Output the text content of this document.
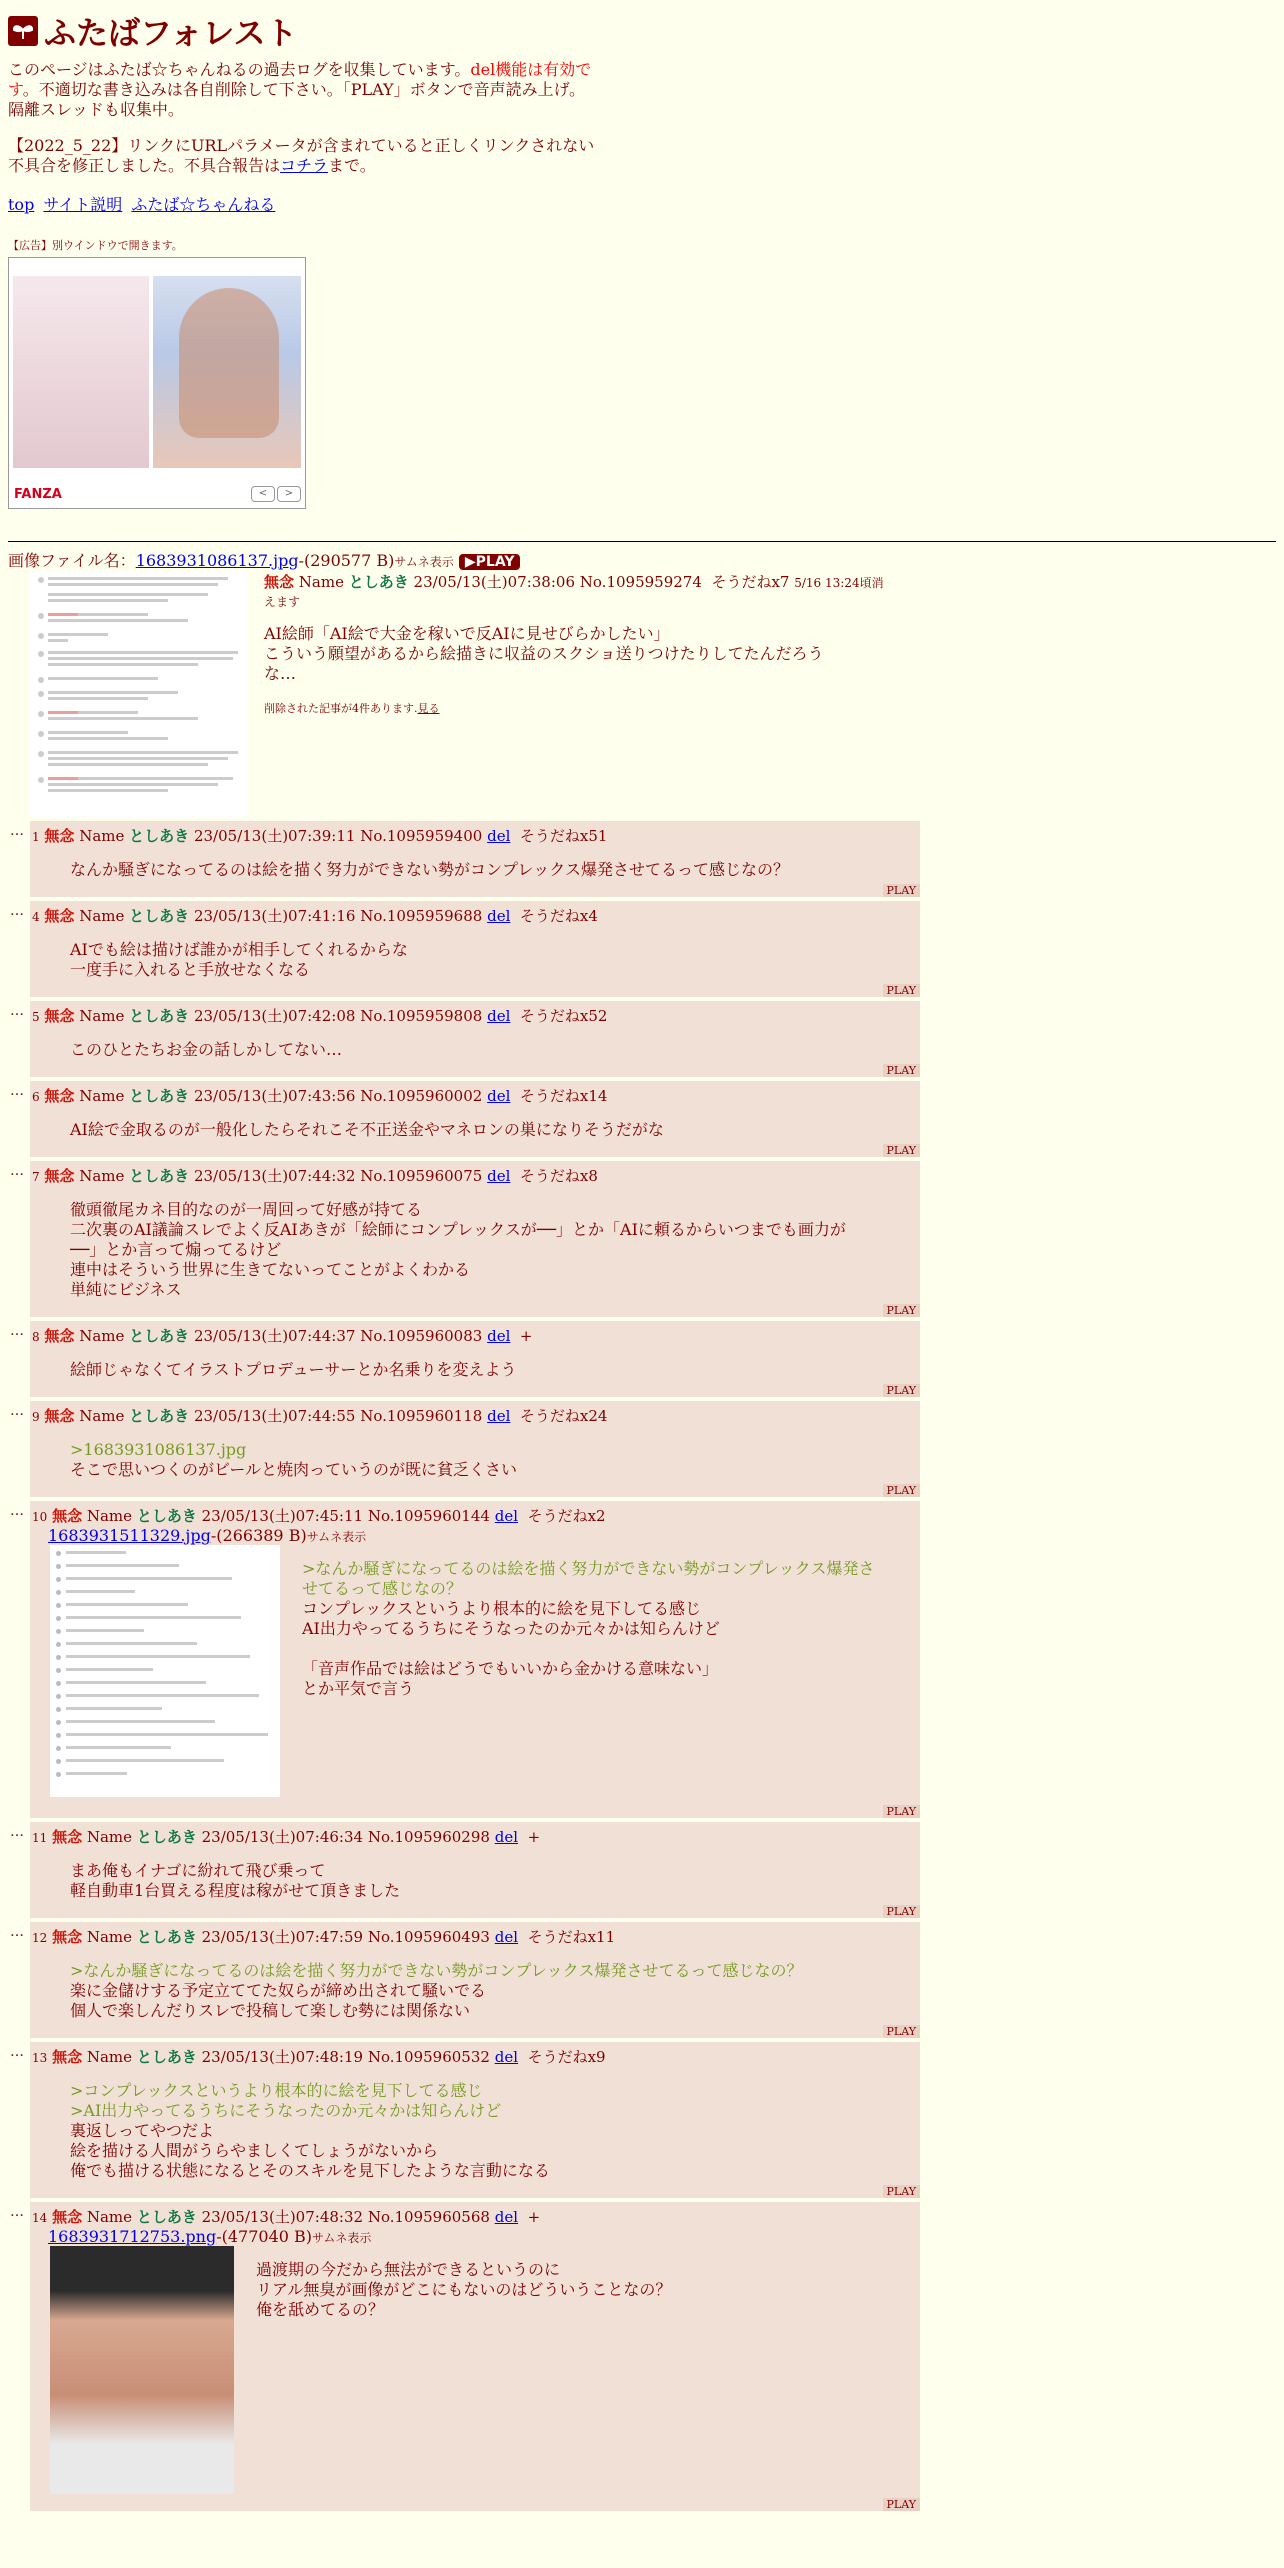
ふたばフォレスト
このページはふたば☆ちゃんねるの過去ログを収集しています。del機能は有効で
す。不適切な書き込みは各自削除して下さい。「PLAY」ボタンで音声読み上げ。
隔離スレッドも収集中。
【2022_5_22】リンクにURLパラメータが含まれていると正しくリンクされない不具合を修正しました。不具合報告はコチラまで。
top サイト説明 ふたば☆ちゃんねる
【広告】別ウインドウで開きます。
FANZA	<	>
画像ファイル名：1683931086137.jpg-(290577 B)サムネ表示 ▶PLAY
無念 Name としあき 23/05/13(土)07:38:06 No.1095959274 そうだねx7 5/16 13:24頃消えます
AI絵師「AI絵で大金を稼いで反AIに見せびらかしたい」
こういう願望があるから絵描きに収益のスクショ送りつけたりしてたんだろう
な…
削除された記事が4件あります.見る
… 1 無念 Name としあき 23/05/13(土)07:39:11 No.1095959400 del そうだねx51
なんか騒ぎになってるのは絵を描く努力ができない勢がコンプレックス爆発させてるって感じなの？
PLAY
… 4 無念 Name としあき 23/05/13(土)07:41:16 No.1095959688 del そうだねx4
AIでも絵は描けば誰かが相手してくれるからな
一度手に入れると手放せなくなる
PLAY
… 5 無念 Name としあき 23/05/13(土)07:42:08 No.1095959808 del そうだねx52
このひとたちお金の話しかしてない…
PLAY
… 6 無念 Name としあき 23/05/13(土)07:43:56 No.1095960002 del そうだねx14
AI絵で金取るのが一般化したらそれこそ不正送金やマネロンの巣になりそうだがな
PLAY
… 7 無念 Name としあき 23/05/13(土)07:44:32 No.1095960075 del そうだねx8
徹頭徹尾カネ目的なのが一周回って好感が持てる
二次裏のAI議論スレでよく反AIあきが「絵師にコンプレックスが──」とか「AIに頼るからいつまでも画力が
──」とか言って煽ってるけど
連中はそういう世界に生きてないってことがよくわかる
単純にビジネス
PLAY
… 8 無念 Name としあき 23/05/13(土)07:44:37 No.1095960083 del +
絵師じゃなくてイラストプロデューサーとか名乗りを変えよう
PLAY
… 9 無念 Name としあき 23/05/13(土)07:44:55 No.1095960118 del そうだねx24
>1683931086137.jpg
そこで思いつくのがビールと焼肉っていうのが既に貧乏くさい
PLAY
… 10 無念 Name としあき 23/05/13(土)07:45:11 No.1095960144 del そうだねx2
1683931511329.jpg-(266389 B)サムネ表示
>なんか騒ぎになってるのは絵を描く努力ができない勢がコンプレックス爆発さ
せてるって感じなの？
コンプレックスというより根本的に絵を見下してる感じ
AI出力やってるうちにそうなったのか元々かは知らんけど

「音声作品では絵はどうでもいいから金かける意味ない」
とか平気で言う
PLAY
… 11 無念 Name としあき 23/05/13(土)07:46:34 No.1095960298 del +
まあ俺もイナゴに紛れて飛び乗って
軽自動車1台買える程度は稼がせて頂きました
PLAY
… 12 無念 Name としあき 23/05/13(土)07:47:59 No.1095960493 del そうだねx11
>なんか騒ぎになってるのは絵を描く努力ができない勢がコンプレックス爆発させてるって感じなの？
楽に金儲けする予定立ててた奴らが締め出されて騒いでる
個人で楽しんだりスレで投稿して楽しむ勢には関係ない
PLAY
… 13 無念 Name としあき 23/05/13(土)07:48:19 No.1095960532 del そうだねx9
>コンプレックスというより根本的に絵を見下してる感じ
>AI出力やってるうちにそうなったのか元々かは知らんけど
裏返しってやつだよ
絵を描ける人間がうらやましくてしょうがないから
俺でも描ける状態になるとそのスキルを見下したような言動になる
PLAY
… 14 無念 Name としあき 23/05/13(土)07:48:32 No.1095960568 del +
1683931712753.png-(477040 B)サムネ表示
過渡期の今だから無法ができるというのに
リアル無臭が画像がどこにもないのはどういうことなの？
俺を舐めてるの？
PLAY
